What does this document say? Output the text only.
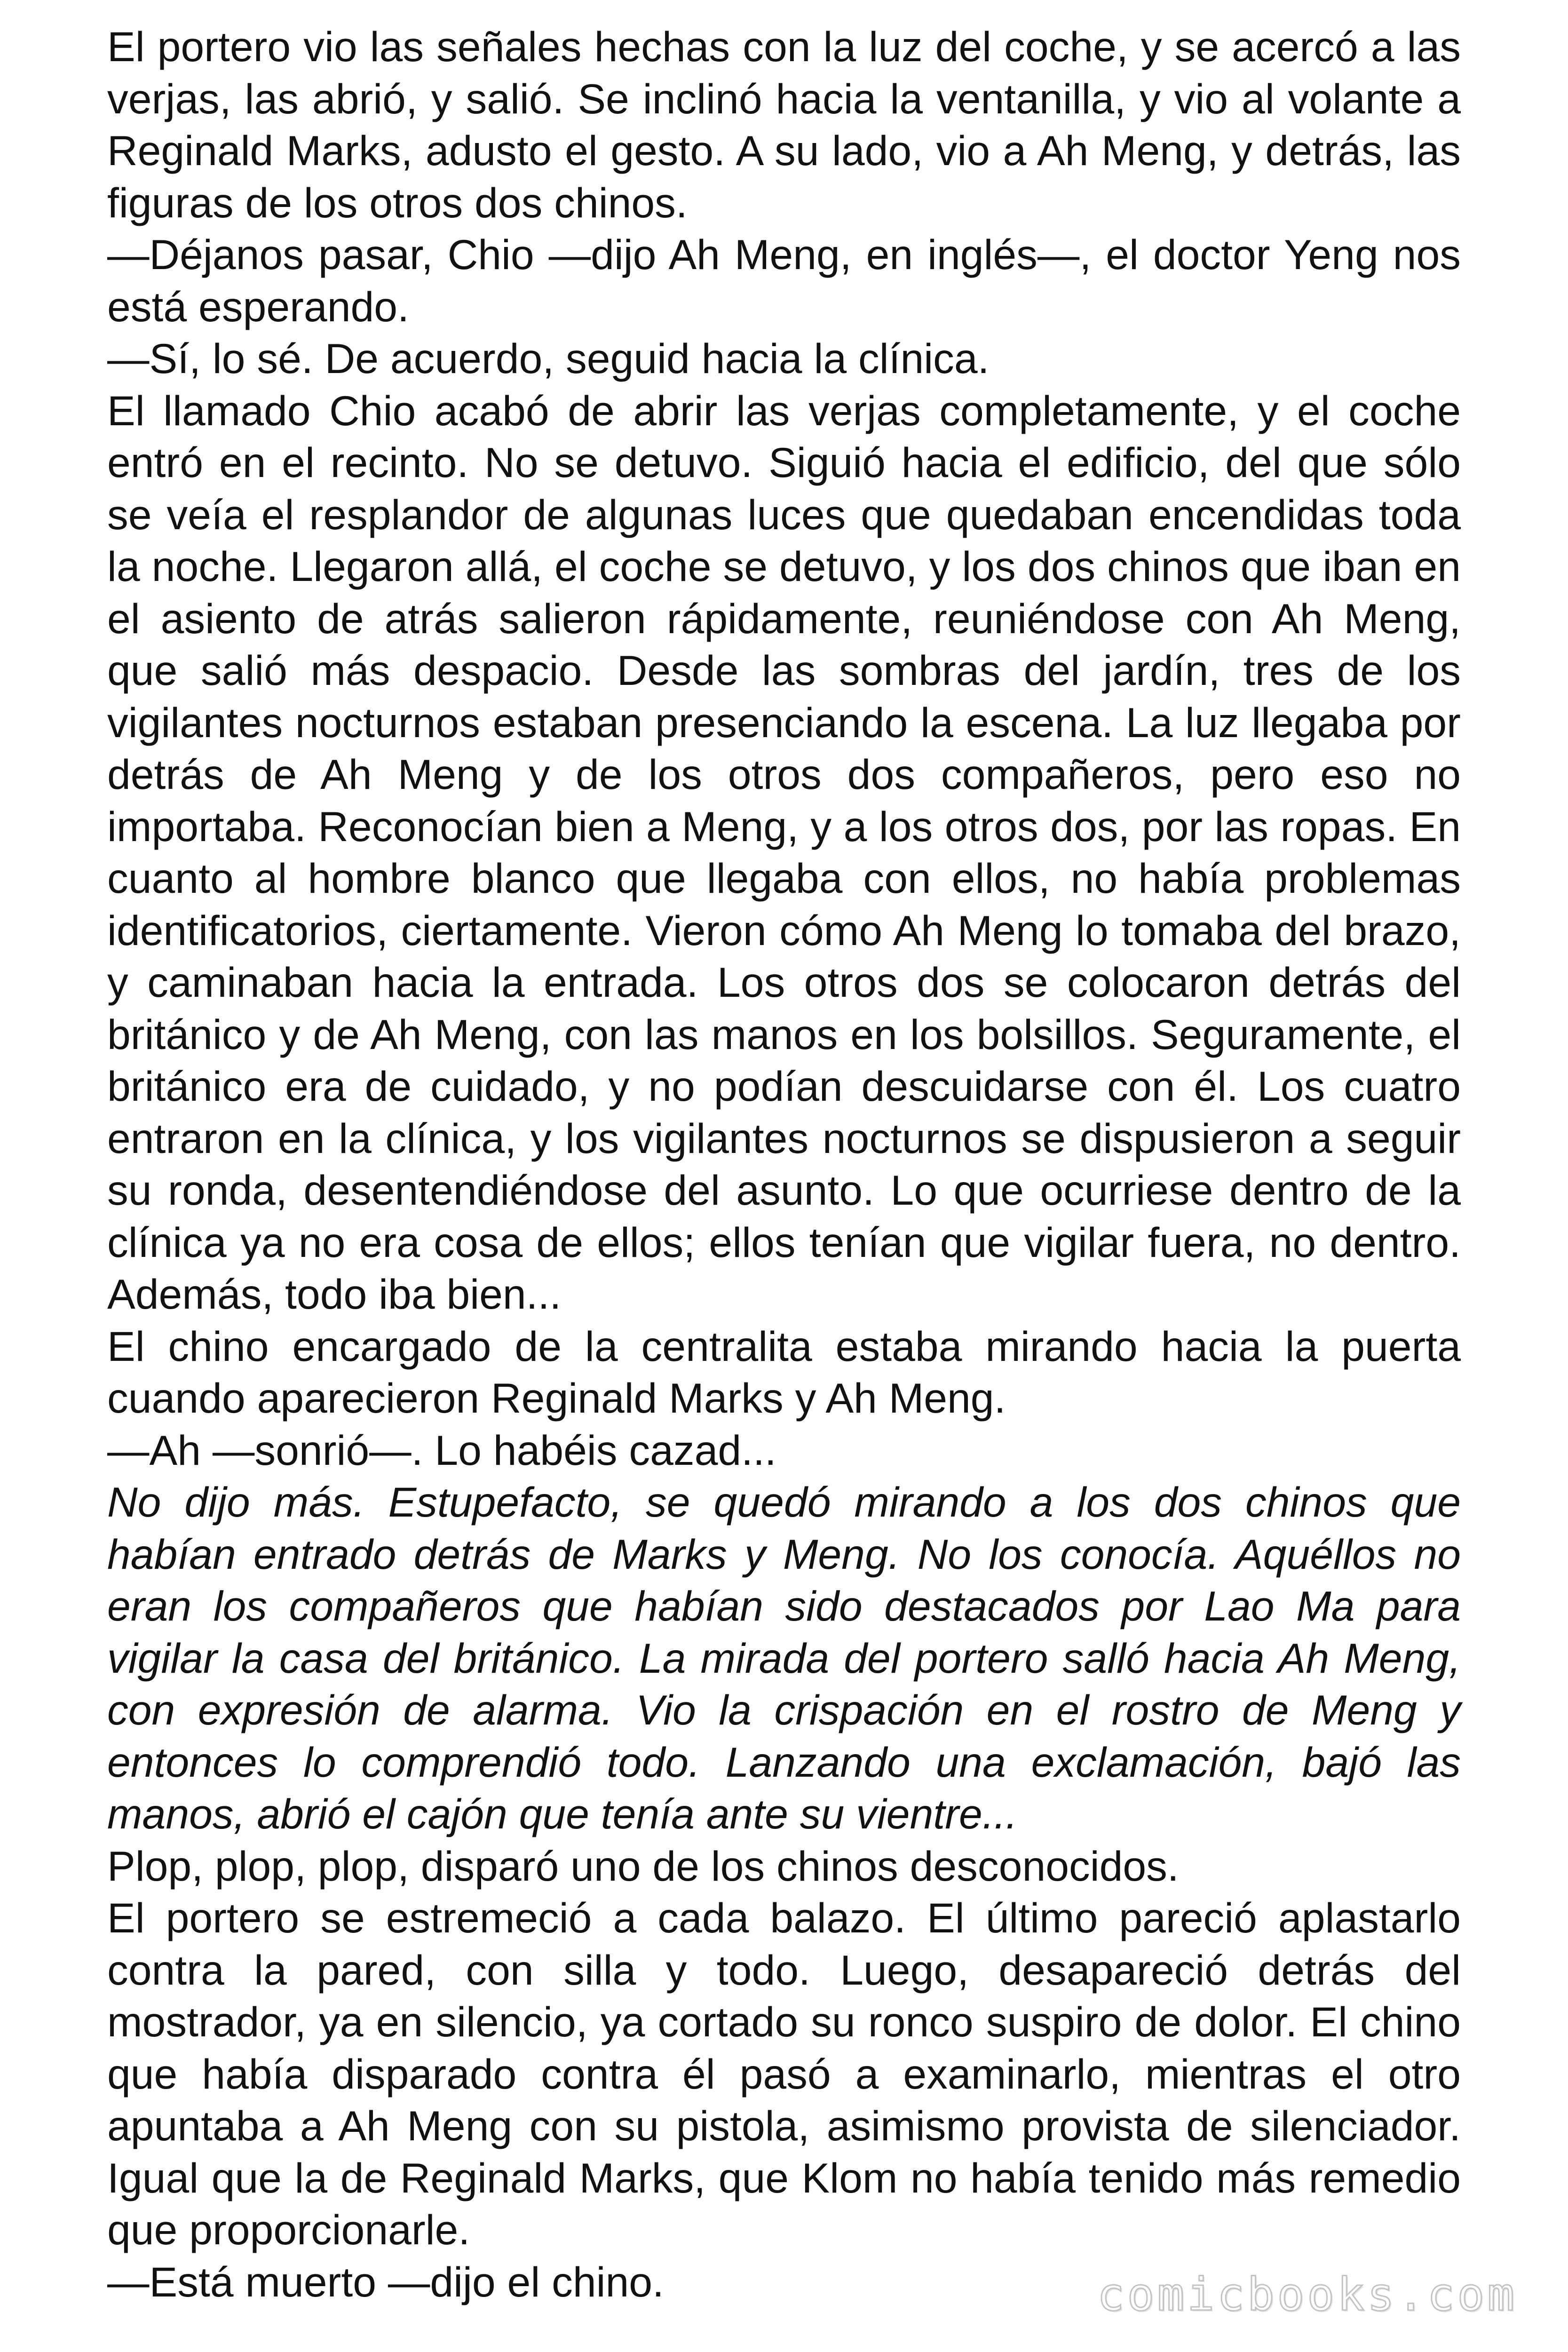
El portero vio las señales hechas con la luz del coche, y se acercó a las verjas, las abrió, y salió. Se inclinó hacia la ventanilla, y vio al volante a Reginald Marks, adusto el gesto. A su lado, vio a Ah Meng, y detrás, las figuras de los otros dos chinos.

—Déjanos pasar, Chio —dijo Ah Meng, en inglés—, el doctor Yeng nos está esperando.

—Sí, lo sé. De acuerdo, seguid hacia la clínica.

El llamado Chio acabó de abrir las verjas completamente, y el coche entró en el recinto. No se detuvo. Siguió hacia el edificio, del que sólo se veía el resplandor de algunas luces que quedaban encendidas toda la noche. Llegaron allá, el coche se detuvo, y los dos chinos que iban en el asiento de atrás salieron rápidamente, reuniéndose con Ah Meng, que salió más despacio. Desde las sombras del jardín, tres de los vigilantes nocturnos estaban presenciando la escena. La luz llegaba por detrás de Ah Meng y de los otros dos compañeros, pero eso no importaba. Reconocían bien a Meng, y a los otros dos, por las ropas. En cuanto al hombre blanco que llegaba con ellos, no había problemas identificatorios, ciertamente. Vieron cómo Ah Meng lo tomaba del brazo, y caminaban hacia la entrada. Los otros dos se colocaron detrás del británico y de Ah Meng, con las manos en los bolsillos. Seguramente, el británico era de cuidado, y no podían descuidarse con él. Los cuatro entraron en la clínica, y los vigilantes nocturnos se dispusieron a seguir su ronda, desentendiéndose del asunto. Lo que ocurriese dentro de la clínica ya no era cosa de ellos; ellos tenían que vigilar fuera, no dentro. Además, todo iba bien...

El chino encargado de la centralita estaba mirando hacia la puerta cuando aparecieron Reginald Marks y Ah Meng.

—Ah —sonrió—. Lo habéis cazad...

No dijo más. Estupefacto, se quedó mirando a los dos chinos que habían entrado detrás de Marks y Meng. No los conocía. Aquéllos no eran los compañeros que habían sido destacados por Lao Ma para vigilar la casa del británico. La mirada del portero salló hacia Ah Meng, con expresión de alarma. Vio la crispación en el rostro de Meng y entonces lo comprendió todo. Lanzando una exclamación, bajó las manos, abrió el cajón que tenía ante su vientre...

Plop, plop, plop, disparó uno de los chinos desconocidos.

El portero se estremeció a cada balazo. El último pareció aplastarlo contra la pared, con silla y todo. Luego, desapareció detrás del mostrador, ya en silencio, ya cortado su ronco suspiro de dolor. El chino que había disparado contra él pasó a examinarlo, mientras el otro apuntaba a Ah Meng con su pistola, asimismo provista de silenciador. Igual que la de Reginald Marks, que Klom no había tenido más remedio que proporcionarle.

—Está muerto —dijo el chino.	comicbooks.com
